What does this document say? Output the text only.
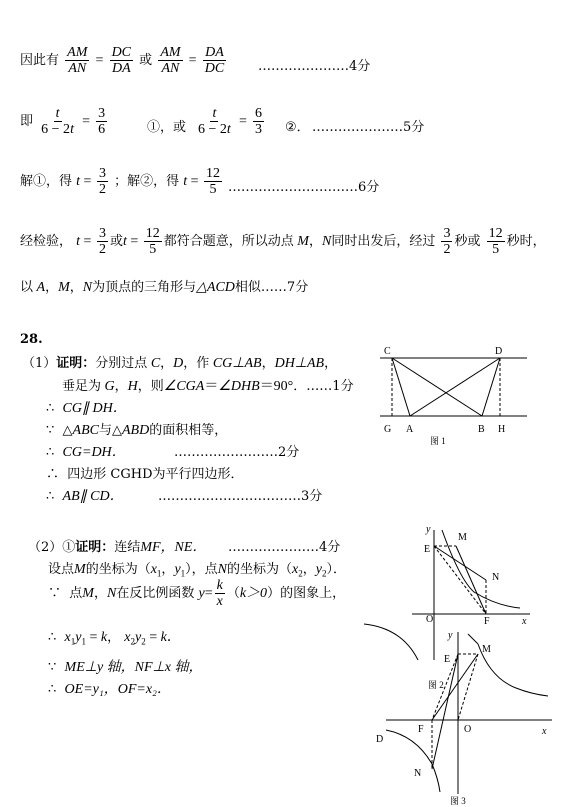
因此有 $\frac{AM}{AN} = \frac{DC}{DA}$ 或 $\frac{AM}{AN} = \frac{DA}{DC}$ …………………4分
即 $\frac{t}{6 - 2t} = \frac{3}{6}$	①，或 $\frac{t}{6 - 2t} = \frac{6}{3}$ ②． …………………5分
解①，得 $t = \frac{3}{2}$ ；解②，得 $t = \frac{12}{5}$ …………………………6分
经检验， $t = \frac{3}{2}$ 或$t = \frac{12}{5}$ 都符合题意，所以动点 M，N同时出发后，经过 $\frac{3}{2}$ 秒或 $\frac{12}{5}$ 秒时，
以 A，M，N为顶点的三角形与△ACD相似……7分
28.
（1）证明：分别过点 C，D，作 CG⊥AB，DH⊥AB，
垂足为 G，H，则∠CGA＝∠DHB＝90°．……1分
∴ CG∥ DH．
∵ △ABC与△ABD的面积相等，
∴ CG=DH．	……………………2分
∴ 四边形 CGHD为平行四边形．
∴ AB∥ CD．	……………………………3分
C	D
G A	B H
图 1
（2）①证明：连结MF，NE． …………………4分
设点M的坐标为（$x_1$，$y_1$），点N的坐标为（$x_2$，$y_2$）．
∵ 点M，N在反比例函数 $y= \frac{k}{x} (k>0)$的图象上，
∴ $x_1y_1 = k$， $x_2y_2 = k$．
∵ ME⊥y 轴，NF⊥x 轴，
∴ OE=y₁，OF=x₂．
y
E
M
N
O	F	x
图 2
y
E
M
F	O	x
D
N
图 3
